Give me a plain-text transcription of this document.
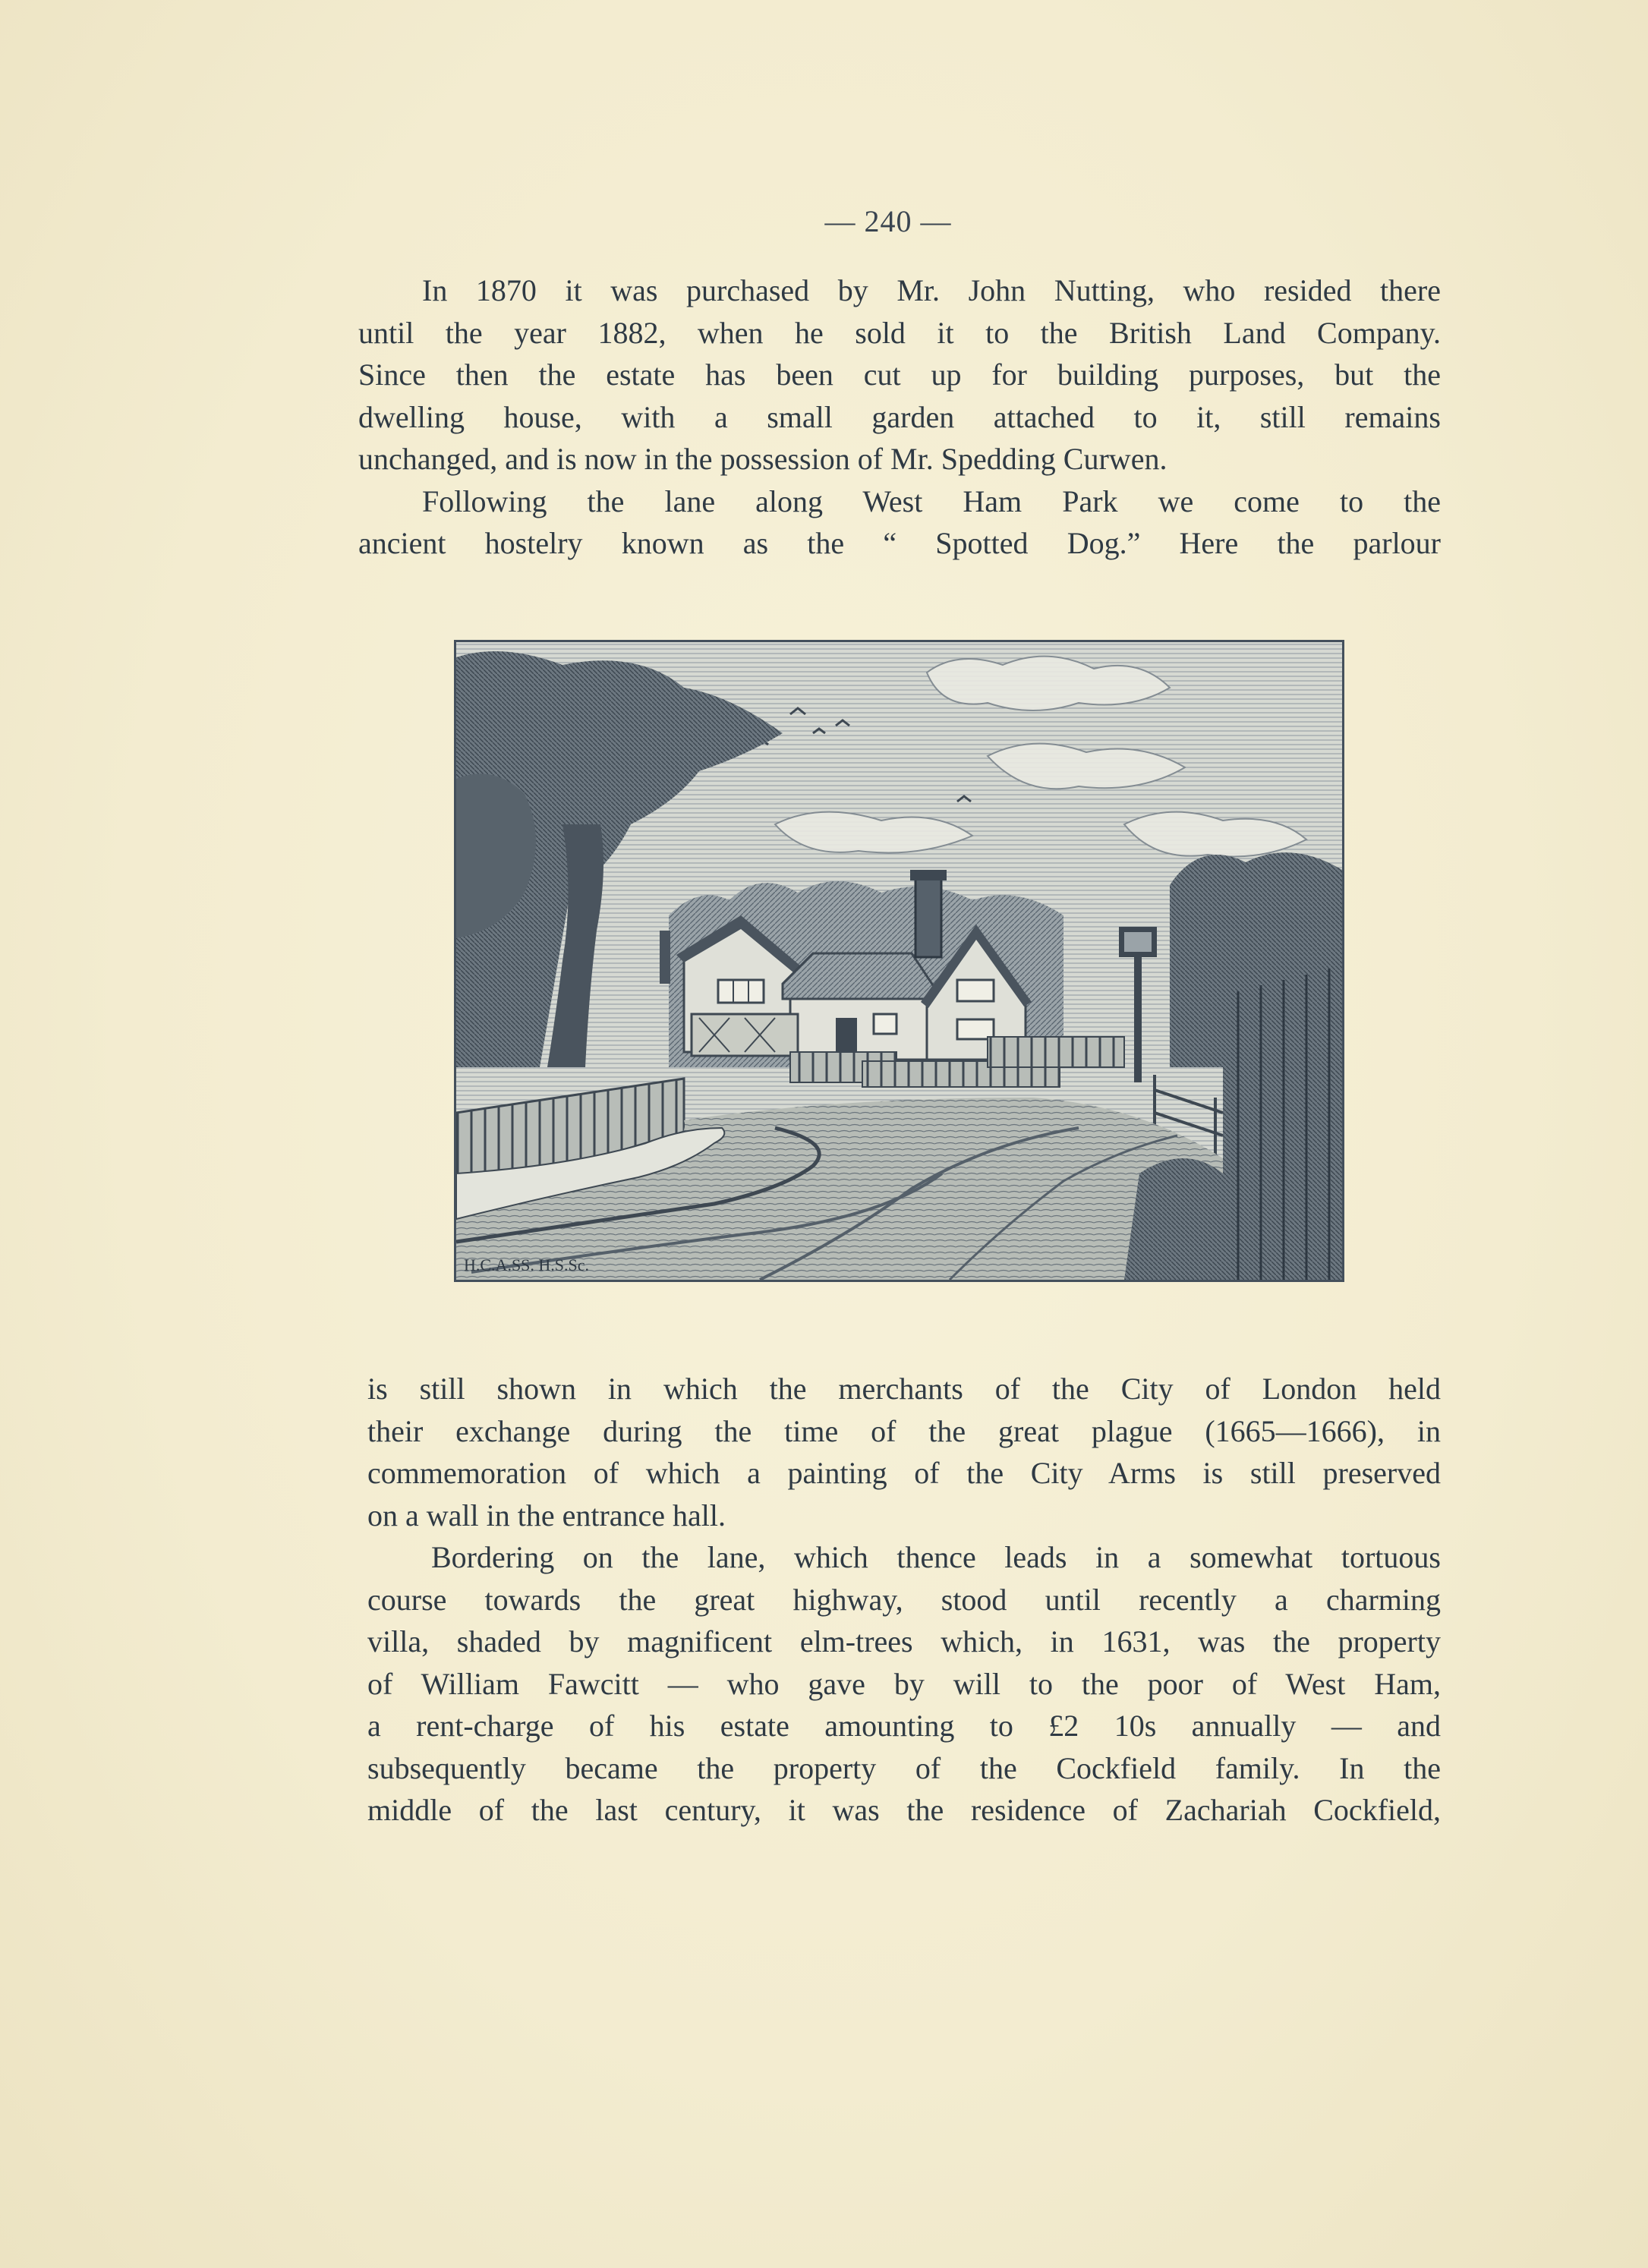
— 240 —

In 1870 it was purchased by Mr. John Nutting, who resided there

until the year 1882, when he sold it to the British Land Company.

Since then the estate has been cut up for building purposes, but the

dwelling house, with a small garden attached to it, still remains

unchanged, and is now in the possession of Mr. Spedding Curwen.

Following the lane along West Ham Park we come to the

ancient hostelry known as the “ Spotted Dog.” Here the parlour

H.C.A.SS. H.S.Sc.

is still shown in which the merchants of the City of London held

their exchange during the time of the great plague (1665—1666), in

commemoration of which a painting of the City Arms is still preserved

on a wall in the entrance hall.

Bordering on the lane, which thence leads in a somewhat tortuous

course towards the great highway, stood until recently a charming

villa, shaded by magnificent elm-trees which, in 1631, was the property

of William Fawcitt — who gave by will to the poor of West Ham,

a rent-charge of his estate amounting to £2 10s annually — and

subsequently became the property of the Cockfield family. In the

middle of the last century, it was the residence of Zachariah Cockfield,
